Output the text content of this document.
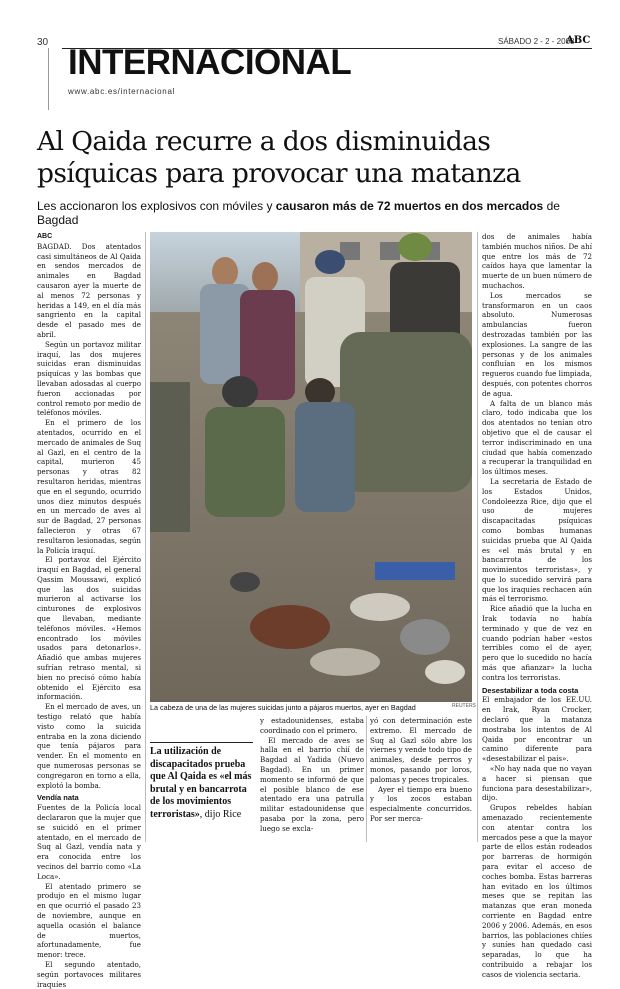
30
INTERNACIONAL
www.abc.es/internacional
SÁBADO 2 - 2 - 2008
ABC
Al Qaida recurre a dos disminuidas psíquicas para provocar una matanza
Les accionaron los explosivos con móviles y causaron más de 72 muertos en dos mercados de Bagdad

ABC

BAGDAD. Dos atentados casi simultáneos de Al Qaida en sendos mercados de animales en Bagdad causaron ayer la muerte de al menos 72 personas y heridas a 149, en el día más sangriento en la capital desde el pasado mes de abril.

Según un portavoz militar iraquí, las dos mujeres suicidas eran disminuidas psíquicas y las bombas que llevaban adosadas al cuerpo fueron accionadas por control remoto por medio de teléfonos móviles.

En el primero de los atentados, ocurrido en el mercado de animales de Suq al Gazl, en el centro de la capital, murieron 45 personas y otras 82 resultaron heridas, mientras que en el segundo, ocurrido unos diez minutos después en un mercado de aves al sur de Bagdad, 27 personas fallecieron y otras 67 resultaron lesionadas, según la Policía iraquí.

El portavoz del Ejército iraquí en Bagdad, el general Qassim Moussawi, explicó que las dos suicidas murieron al activarse los cinturones de explosivos que llevaban, mediante teléfonos móviles. «Hemos encontrado los móviles usados para detonarlos». Añadió que ambas mujeres sufrían retraso mental, si bien no precisó cómo había obtenido el Ejército esa información.

En el mercado de aves, un testigo relató que había visto como la suicida entraba en la zona diciendo que tenía pájaros para vender. En el momento en que numerosas personas se congregaron en torno a ella, explotó la bomba.

Vendía nata

Fuentes de la Policía local declararon que la mujer que se suicidó en el primer atentado, en el mercado de Suq al Gazl, vendía nata y era conocida entre los vecinos del barrio como «La Loca».

El atentado primero se produjo en el mismo lugar en que ocurrió el pasado 23 de noviembre, aunque en aquella ocasión el balance de muertos, afortunadamente, fue menor: trece.

El segundo atentado, según portavoces militares iraquíes

La cabeza de una de las mujeres suicidas junto a pájaros muertos, ayer en Bagdad	REUTERS
La utilización de discapacitados prueba que Al Qaida es «el más brutal y en bancarrota de los movimientos terroristas», dijo Rice

y estadounidenses, estaba coordinado con el primero.

El mercado de aves se halla en el barrio chií de Bagdad al Yadida (Nuevo Bagdad). En un primer momento se informó de que el posible blanco de ese atentado era una patrulla militar estadounidense que pasaba por la zona, pero luego se excla-

yó con determinación este extremo. El mercado de Suq al Gazl sólo abre los viernes y vende todo tipo de animales, desde perros y monos, pasando por loros, palomas y peces tropicales.

Ayer el tiempo era bueno y los zocos estaban especialmente concurridos. Por ser merca-

dos de animales había también muchos niños. De ahí que entre los más de 72 caídos haya que lamentar la muerte de un buen número de muchachos.

Los mercados se transformaron en un caos absoluto. Numerosas ambulancias fueron destrozadas también por las explosiones. La sangre de las personas y de los animales confluían en los mismos regueros cuando fue limpiada, después, con potentes chorros de agua.

A falta de un blanco más claro, todo indicaba que los dos atentados no tenían otro objetivo que el de causar el terror indiscriminado en una ciudad que había comenzado a recuperar la tranquilidad en los últimos meses.

La secretaria de Estado de los Estados Unidos, Condoleezza Rice, dijo que el uso de mujeres discapacitadas psíquicas como bombas humanas suicidas prueba que Al Qaida es «el más brutal y en bancarrota de los movimientos terroristas», y que lo sucedido servirá para que los iraquíes rechacen aún más el terrorismo.

Rice añadió que la lucha en Irak todavía no había terminado y que de vez en cuando podrían haber «estos terribles como el de ayer, pero que lo sucedido no hacía más que afianzar» la lucha contra los terroristas.

Desestabilizar a toda costa

El embajador de los EE.UU. en Irak, Ryan Crocker, declaró que la matanza mostraba los intentos de Al Qaida por encontrar un camino diferente para «desestabilizar el país».

«No hay nada que no vayan a hacer si piensan que funciona para desestabilizar», dijo.

Grupos rebeldes habían amenazado recientemente con atentar contra los mercados pese a que la mayor parte de ellos están rodeados por barreras de hormigón para evitar el acceso de coches bomba. Estas barreras han evitado en los últimos meses que se repitan las matanzas que eran moneda corriente en Bagdad entre 2006 y 2006. Además, en esos barrios, las poblaciones chiíes y suníes han quedado casi separadas, lo que ha contribuido a rebajar los casos de violencia sectaria.
